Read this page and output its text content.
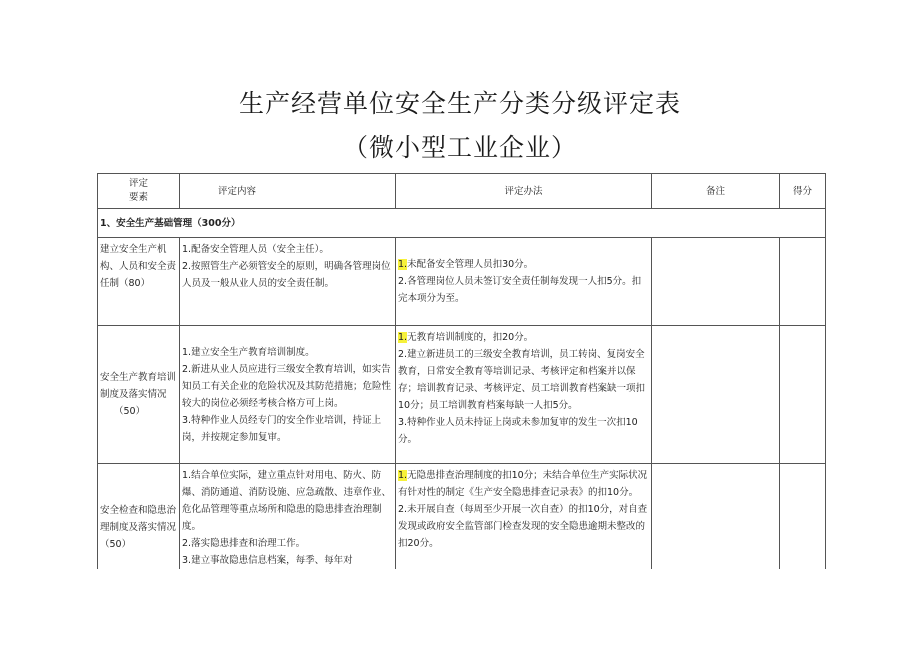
生产经营单位安全生产分类分级评定表
（微小型工业企业）
评定
要素	评定内容	评定办法	备注	得分
1、安全生产基础管理（300分）				
建立安全生产机构、人员和安全责任制（80）	1.配备安全管理人员（安全主任）。
2.按照管生产必须管安全的原则，明确各管理岗位人员及一般从业人员的安全责任制。	1.未配备安全管理人员扣30分。
2.各管理岗位人员未签订安全责任制每发现一人扣5分。扣完本项分为至。		

安全生产教育培训制度及落实情况
（50）	1.建立安全生产教育培训制度。
2.新进从业人员应进行三级安全教育培训，如实告知员工有关企业的危险状况及其防范措施；危险性较大的岗位必须经考核合格方可上岗。
3.特种作业人员经专门的安全作业培训，持证上岗，并按规定参加复审。	1.无教育培训制度的，扣20分。
2.建立新进员工的三级安全教育培训，员工转岗、复岗安全教育，日常安全教育等培训记录、考核评定和档案并以保存；培训教育记录、考核评定、员工培训教育档案缺一项扣10分；员工培训教育档案每缺一人扣5分。
3.特种作业人员未持证上岗或未参加复审的发生一次扣10分。		

安全检查和隐患治理制度及落实情况（50）	1.结合单位实际，建立重点针对用电、防火、防爆、消防通道、消防设施、应急疏散、违章作业、危化品管理等重点场所和隐患的隐患排查治理制度。
2.落实隐患排查和治理工作。
3.建立事故隐患信息档案，每季、每年对	1.无隐患排查治理制度的扣10分；未结合单位生产实际状况有针对性的制定《生产安全隐患排查记录表》的扣10分。
2.未开展自查（每周至少开展一次自查）的扣10分，对自查发现或政府安全监管部门检查发现的安全隐患逾期未整改的扣20分。		
